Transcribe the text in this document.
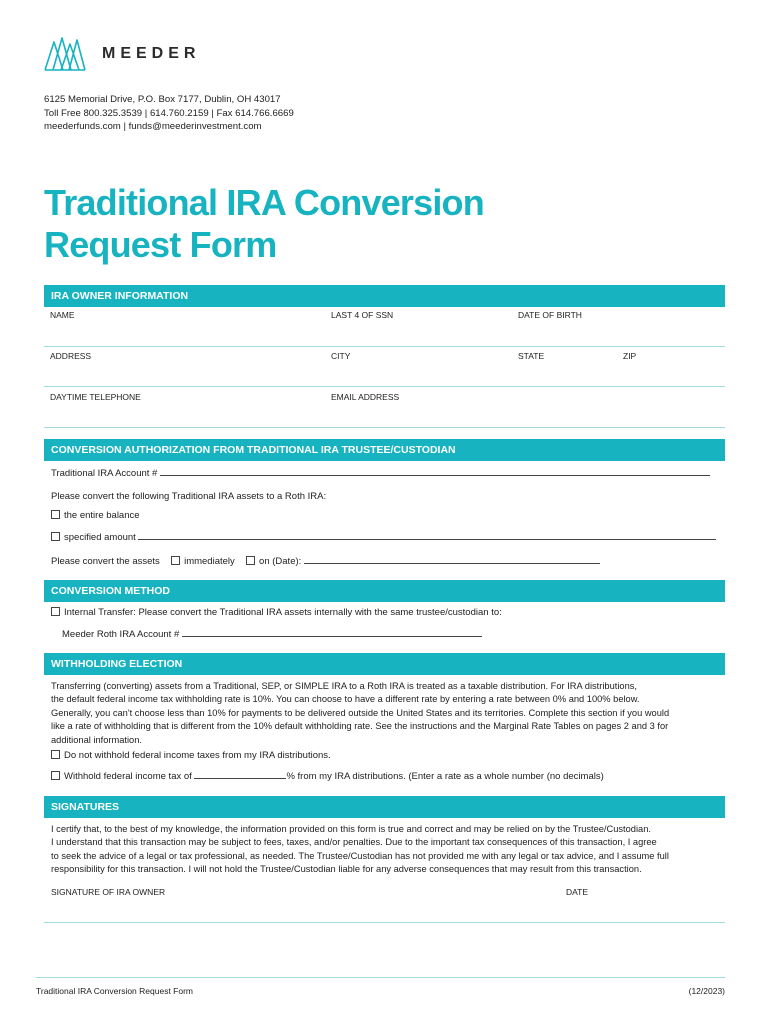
MEEDER
6125 Memorial Drive, P.O. Box 7177, Dublin, OH 43017
Toll Free 800.325.3539 | 614.760.2159 | Fax 614.766.6669
meederfunds.com | funds@meederinvestment.com
Traditional IRA Conversion
Request Form
IRA OWNER INFORMATION
NAME	LAST 4 OF SSN	DATE OF BIRTH
ADDRESS	CITY	STATE	ZIP
DAYTIME TELEPHONE	EMAIL ADDRESS
CONVERSION AUTHORIZATION FROM TRADITIONAL IRA TRUSTEE/CUSTODIAN
Traditional IRA Account #
Please convert the following Traditional IRA assets to a Roth IRA:
the entire balance
specified amount
Please convert the assets	immediately	on (Date):
CONVERSION METHOD
Internal Transfer: Please convert the Traditional IRA assets internally with the same trustee/custodian to:
Meeder Roth IRA Account #
WITHHOLDING ELECTION
Transferring (converting) assets from a Traditional, SEP, or SIMPLE IRA to a Roth IRA is treated as a taxable distribution. For IRA distributions,
the default federal income tax withholding rate is 10%. You can choose to have a different rate by entering a rate between 0% and 100% below.
Generally, you can't choose less than 10% for payments to be delivered outside the United States and its territories. Complete this section if you would
like a rate of withholding that is different from the 10% default withholding rate. See the instructions and the Marginal Rate Tables on pages 2 and 3 for
additional information.
Do not withhold federal income taxes from my IRA distributions.
Withhold federal income tax of	% from my IRA distributions. (Enter a rate as a whole number (no decimals)
SIGNATURES
I certify that, to the best of my knowledge, the information provided on this form is true and correct and may be relied on by the Trustee/Custodian.
I understand that this transaction may be subject to fees, taxes, and/or penalties. Due to the important tax consequences of this transaction, I agree
to seek the advice of a legal or tax professional, as needed. The Trustee/Custodian has not provided me with any legal or tax advice, and I assume full
responsibility for this transaction. I will not hold the Trustee/Custodian liable for any adverse consequences that may result from this transaction.
SIGNATURE OF IRA OWNER	DATE
Traditional IRA Conversion Request Form	(12/2023)
